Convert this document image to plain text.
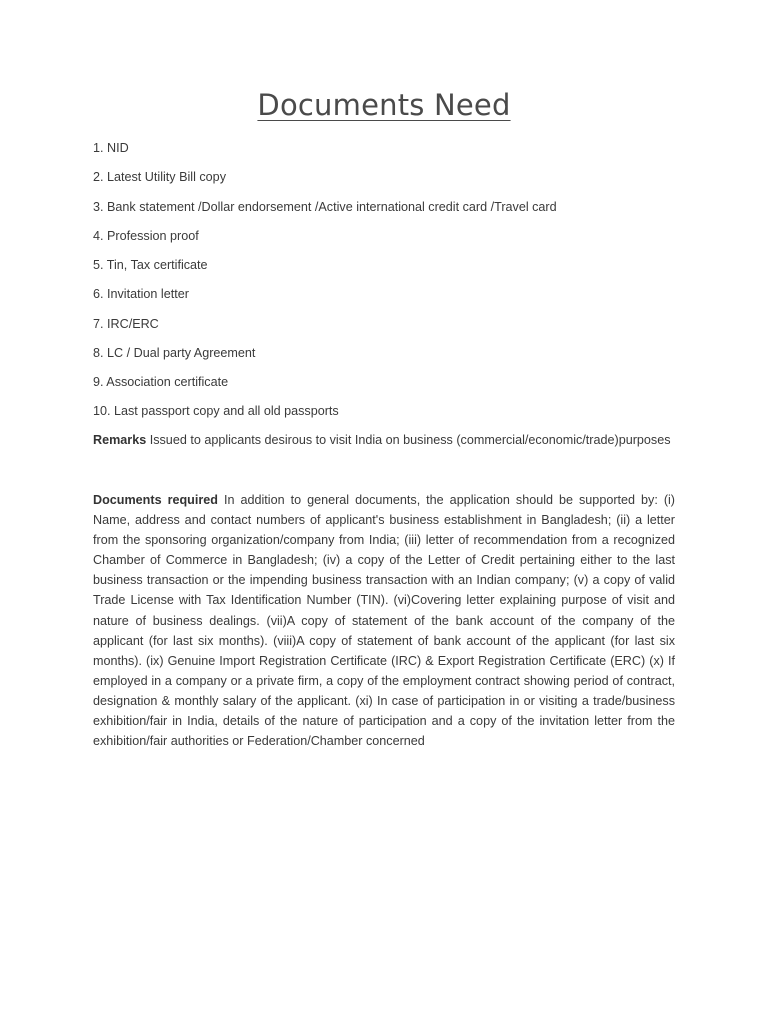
Documents Need
1. NID
2. Latest Utility Bill copy
3. Bank statement /Dollar endorsement /Active international credit card /Travel card
4. Profession proof
5. Tin, Tax certificate
6. Invitation letter
7. IRC/ERC
8. LC / Dual party Agreement
9. Association certificate
10. Last passport copy and all old passports

Remarks Issued to applicants desirous to visit India on business (commercial/economic/trade)purposes

Documents required In addition to general documents, the application should be supported by: (i) Name, address and contact numbers of applicant's business establishment in Bangladesh; (ii) a letter from the sponsoring organization/company from India; (iii) letter of recommendation from a recognized Chamber of Commerce in Bangladesh; (iv) a copy of the Letter of Credit pertaining either to the last business transaction or the impending business transaction with an Indian company; (v) a copy of valid Trade License with Tax Identification Number (TIN). (vi)Covering letter explaining purpose of visit and nature of business dealings. (vii)A copy of statement of the bank account of the company of the applicant (for last six months). (viii)A copy of statement of bank account of the applicant (for last six months). (ix) Genuine Import Registration Certificate (IRC) & Export Registration Certificate (ERC) (x) If employed in a company or a private firm, a copy of the employment contract showing period of contract, designation & monthly salary of the applicant. (xi) In case of participation in or visiting a trade/business exhibition/fair in India, details of the nature of participation and a copy of the invitation letter from the exhibition/fair authorities or Federation/Chamber concerned
